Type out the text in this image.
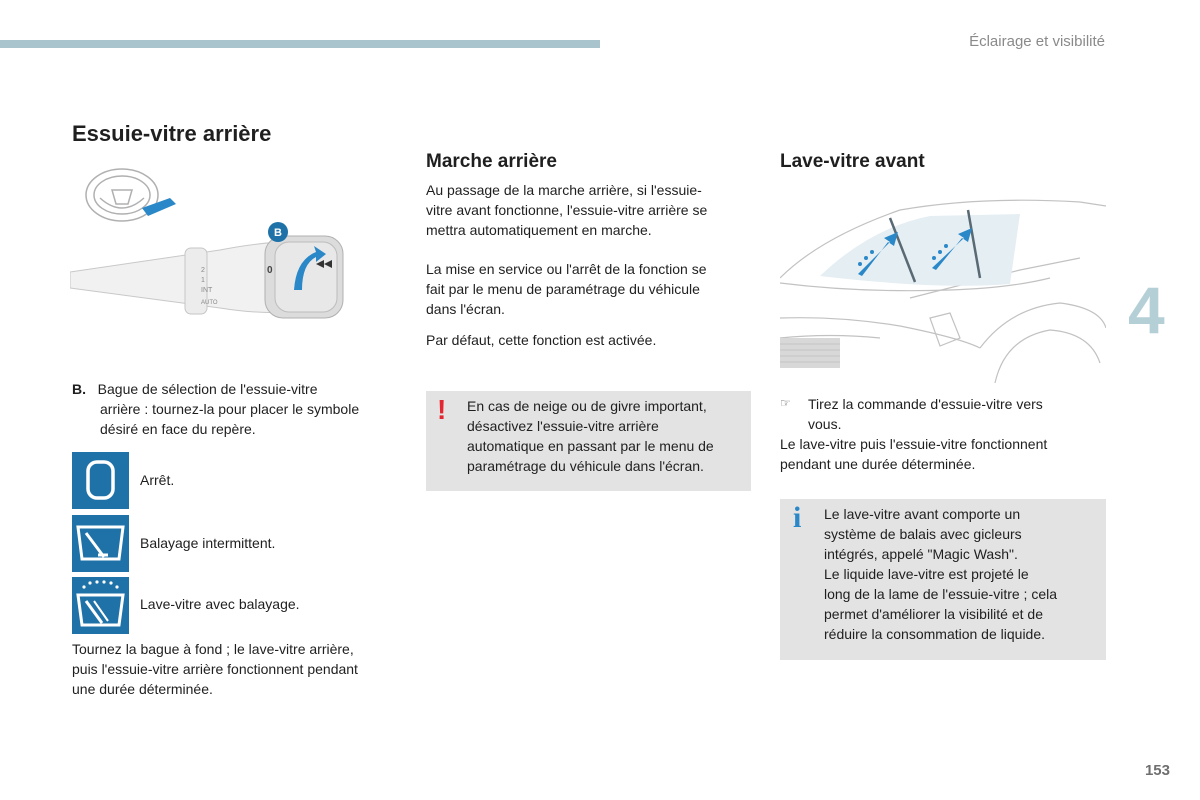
Éclairage et visibilité
4
153
Essuie-vitre arrière
2
1
INT
AUTO
0
B
B. Bague de sélection de l'essuie-vitre
arrière : tournez-la pour placer le symbole
désiré en face du repère.
Arrêt.
Balayage intermittent.
Lave-vitre avec balayage.
Tournez la bague à fond ; le lave-vitre arrière,
puis l'essuie-vitre arrière fonctionnent pendant
une durée déterminée.
Marche arrière
Au passage de la marche arrière, si l'essuie-
vitre avant fonctionne, l'essuie-vitre arrière se
mettra automatiquement en marche.
La mise en service ou l'arrêt de la fonction se
fait par le menu de paramétrage du véhicule
dans l'écran.
Par défaut, cette fonction est activée.
! En cas de neige ou de givre important,
désactivez l'essuie-vitre arrière
automatique en passant par le menu de
paramétrage du véhicule dans l'écran.
Lave-vitre avant
☞ Tirez la commande d'essuie-vitre vers
vous.
Le lave-vitre puis l'essuie-vitre fonctionnent
pendant une durée déterminée.
i Le lave-vitre avant comporte un
système de balais avec gicleurs
intégrés, appelé "Magic Wash".
Le liquide lave-vitre est projeté le
long de la lame de l'essuie-vitre ; cela
permet d'améliorer la visibilité et de
réduire la consommation de liquide.
